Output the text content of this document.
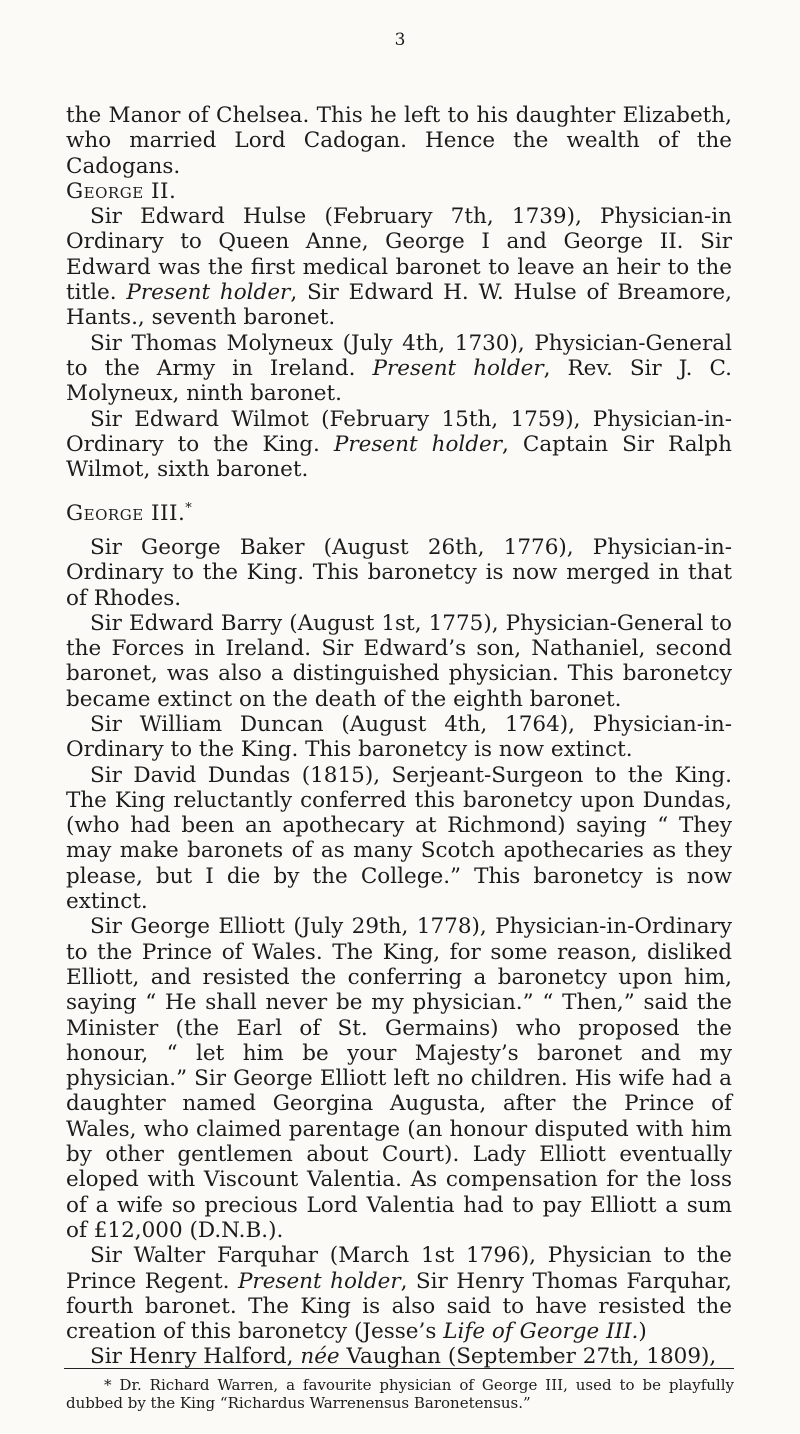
3

the Manor of Chelsea. This he left to his daughter Elizabeth, who married Lord Cadogan. Hence the wealth of the Cadogans.

George II.

Sir Edward Hulse (February 7th, 1739), Physician-in Ordinary to Queen Anne, George I and George II. Sir Edward was the first medical baronet to leave an heir to the title. Present holder, Sir Edward H. W. Hulse of Breamore, Hants., seventh baronet.

Sir Thomas Molyneux (July 4th, 1730), Physician-General to the Army in Ireland. Present holder, Rev. Sir J. C. Molyneux, ninth baronet.

Sir Edward Wilmot (February 15th, 1759), Physician-in-Ordinary to the King. Present holder, Captain Sir Ralph Wilmot, sixth baronet.

George III.*

Sir George Baker (August 26th, 1776), Physician-in-Ordinary to the King. This baronetcy is now merged in that of Rhodes.

Sir Edward Barry (August 1st, 1775), Physician-General to the Forces in Ireland. Sir Edward’s son, Nathaniel, second baronet, was also a distinguished physician. This baronetcy became extinct on the death of the eighth baronet.

Sir William Duncan (August 4th, 1764), Physician-in-Ordinary to the King. This baronetcy is now extinct.

Sir David Dundas (1815), Serjeant-Surgeon to the King. The King reluctantly conferred this baronetcy upon Dundas, (who had been an apothecary at Richmond) saying “ They may make baronets of as many Scotch apothecaries as they please, but I die by the College.” This baronetcy is now extinct.

Sir George Elliott (July 29th, 1778), Physician-in-Ordinary to the Prince of Wales. The King, for some reason, disliked Elliott, and resisted the conferring a baronetcy upon him, saying “ He shall never be my physician.” “ Then,” said the Minister (the Earl of St. Germains) who proposed the honour, “ let him be your Majesty’s baronet and my physician.” Sir George Elliott left no children. His wife had a daughter named Georgina Augusta, after the Prince of Wales, who claimed parentage (an honour disputed with him by other gentlemen about Court). Lady Elliott eventually eloped with Viscount Valentia. As compensation for the loss of a wife so precious Lord Valentia had to pay Elliott a sum of £12,000 (D.N.B.).

Sir Walter Farquhar (March 1st 1796), Physician to the Prince Regent. Present holder, Sir Henry Thomas Farquhar, fourth baronet. The King is also said to have resisted the creation of this baronetcy (Jesse’s Life of George III.)

Sir Henry Halford, née Vaughan (September 27th, 1809),

* Dr. Richard Warren, a favourite physician of George III, used to be playfully dubbed by the King “Richardus Warrenensus Baronetensus.”
